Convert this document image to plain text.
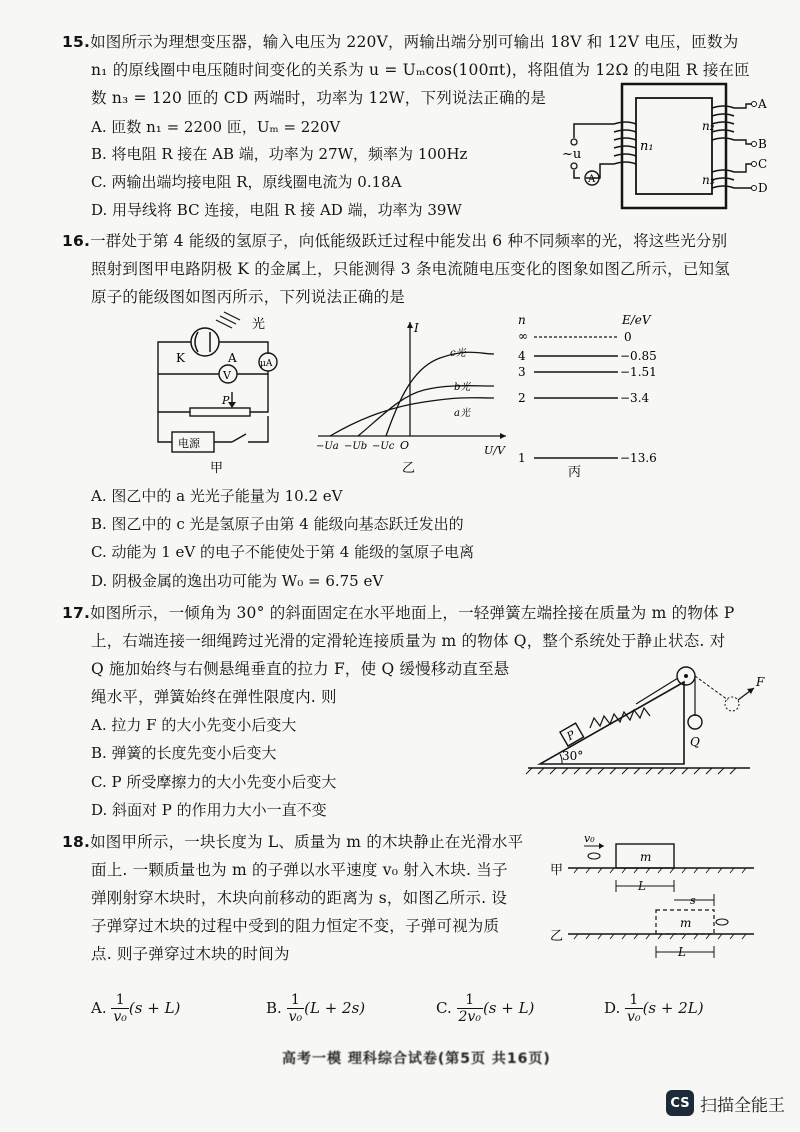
15.如图所示为理想变压器，输入电压为 220V，两输出端分别可输出 18V 和 12V 电压，匝数为
n₁ 的原线圈中电压随时间变化的关系为 u = Uₘcos(100πt)，将阻值为 12Ω 的电阻 R 接在匝
数 n₃ = 120 匝的 CD 两端时，功率为 12W，下列说法正确的是
A. 匝数 n₁ = 2200 匝，Uₘ = 220V
B. 将电阻 R 接在 AB 端，功率为 27W，频率为 100Hz
C. 两输出端均接电阻 R，原线圈电流为 0.18A
D. 用导线将 BC 连接，电阻 R 接 AD 端，功率为 39W
~u
A
n₁
n₂
n₃
A
B
C
D
16.一群处于第 4 能级的氢原子，向低能级跃迁过程中能发出 6 种不同频率的光，将这些光分别
照射到图甲电路阴极 K 的金属上，只能测得 3 条电流随电压变化的图象如图乙所示，已知氢
原子的能级图如图丙所示，下列说法正确的是
光
K	A	μA
V
P
电源
甲
I
U/V
O
−Ua −Ub −Uc
a光
b光
c光
乙
n	E/eV
∞	0
4	−0.85
3	−1.51
2	−3.4
1	−13.6
丙
A. 图乙中的 a 光光子能量为 10.2 eV
B. 图乙中的 c 光是氢原子由第 4 能级向基态跃迁发出的
C. 动能为 1 eV 的电子不能使处于第 4 能级的氢原子电离
D. 阴极金属的逸出功可能为 W₀ = 6.75 eV
17.如图所示，一倾角为 30° 的斜面固定在水平地面上，一轻弹簧左端拴接在质量为 m 的物体 P
上，右端连接一细绳跨过光滑的定滑轮连接质量为 m 的物体 Q，整个系统处于静止状态. 对
Q 施加始终与右侧悬绳垂直的拉力 F，使 Q 缓慢移动直至悬
绳水平，弹簧始终在弹性限度内. 则
A. 拉力 F 的大小先变小后变大
B. 弹簧的长度先变小后变大
C. P 所受摩擦力的大小先变小后变大
D. 斜面对 P 的作用力大小一直不变
30°
P	Q
F
18.如图甲所示，一块长度为 L、质量为 m 的木块静止在光滑水平
面上. 一颗质量也为 m 的子弹以水平速度 v₀ 射入木块. 当子
弹刚射穿木块时，木块向前移动的距离为 s，如图乙所示. 设
子弹穿过木块的过程中受到的阻力恒定不变，子弹可视为质
点. 则子弹穿过木块的时间为
v₀
甲
m
L
s
m
乙
L
A.
$\frac{1}{\text{v₀}} (s + L)$	B.
$\frac{1}{\text{v₀}} (L + 2s)$	C.
$\frac{1}{\text{2v₀}} (s + L)$	D.
$\frac{1}{\text{v₀}} (s + 2L)$
高考一模 理科综合试卷(第5页 共16页)
CS 扫描全能王
